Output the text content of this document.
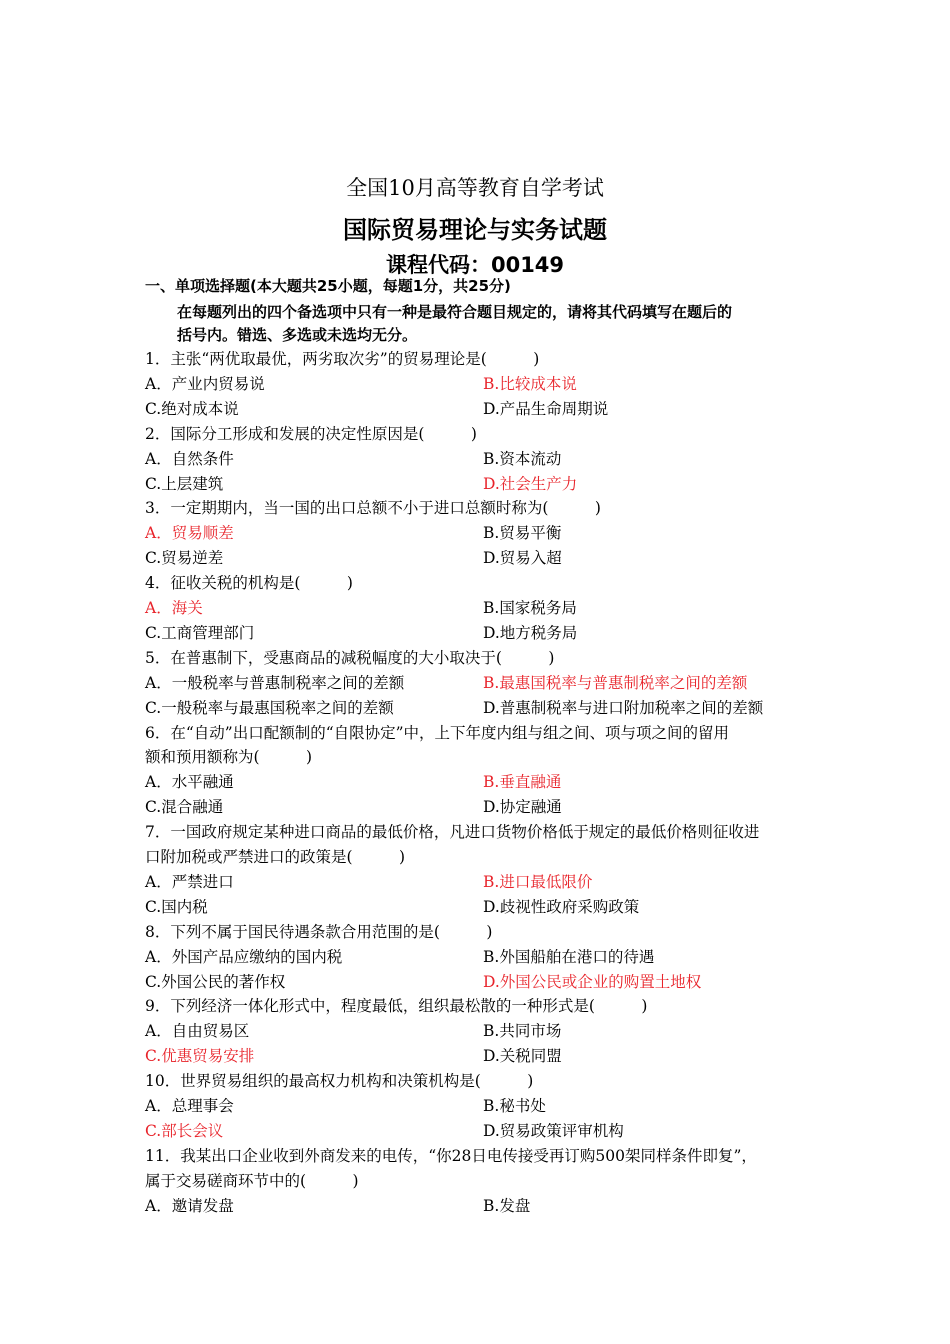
全国10月高等教育自学考试
国际贸易理论与实务试题
课程代码：00149
一、单项选择题(本大题共25小题，每题1分，共25分)
在每题列出的四个备选项中只有一种是最符合题目规定的，请将其代码填写在题后的
括号内。错选、多选或未选均无分。
1．主张“两优取最优，两劣取次劣”的贸易理论是(　　　)
A．产业内贸易说	B.比较成本说
C.绝对成本说	D.产品生命周期说
2．国际分工形成和发展的决定性原因是(　　　)
A．自然条件	B.资本流动
C.上层建筑	D.社会生产力
3．一定期期内，当一国的出口总额不小于进口总额时称为(　　　)
A．贸易顺差	B.贸易平衡
C.贸易逆差	D.贸易入超
4．征收关税的机构是(　　　)
A．海关	B.国家税务局
C.工商管理部门	D.地方税务局
5．在普惠制下，受惠商品的减税幅度的大小取决于(　　　)
A．一般税率与普惠制税率之间的差额	B.最惠国税率与普惠制税率之间的差额
C.一般税率与最惠国税率之间的差额	D.普惠制税率与进口附加税率之间的差额
6．在“自动”出口配额制的“自限协定”中，上下年度内组与组之间、项与项之间的留用
额和预用额称为(　　　)
A．水平融通	B.垂直融通
C.混合融通	D.协定融通
7．一国政府规定某种进口商品的最低价格，凡进口货物价格低于规定的最低价格则征收进
口附加税或严禁进口的政策是(　　　)
A．严禁进口	B.进口最低限价
C.国内税	D.歧视性政府采购政策
8．下列不属于国民待遇条款合用范围的是(　　　)
A．外国产品应缴纳的国内税	B.外国船舶在港口的待遇
C.外国公民的著作权	D.外国公民或企业的购置土地权
9．下列经济一体化形式中，程度最低，组织最松散的一种形式是(　　　)
A．自由贸易区	B.共同市场
C.优惠贸易安排	D.关税同盟
10．世界贸易组织的最高权力机构和决策机构是(　　　)
A．总理事会	B.秘书处
C.部长会议	D.贸易政策评审机构
11．我某出口企业收到外商发来的电传，“你28日电传接受再订购500架同样条件即复”，
属于交易磋商环节中的(　　　)
A．邀请发盘	B.发盘
